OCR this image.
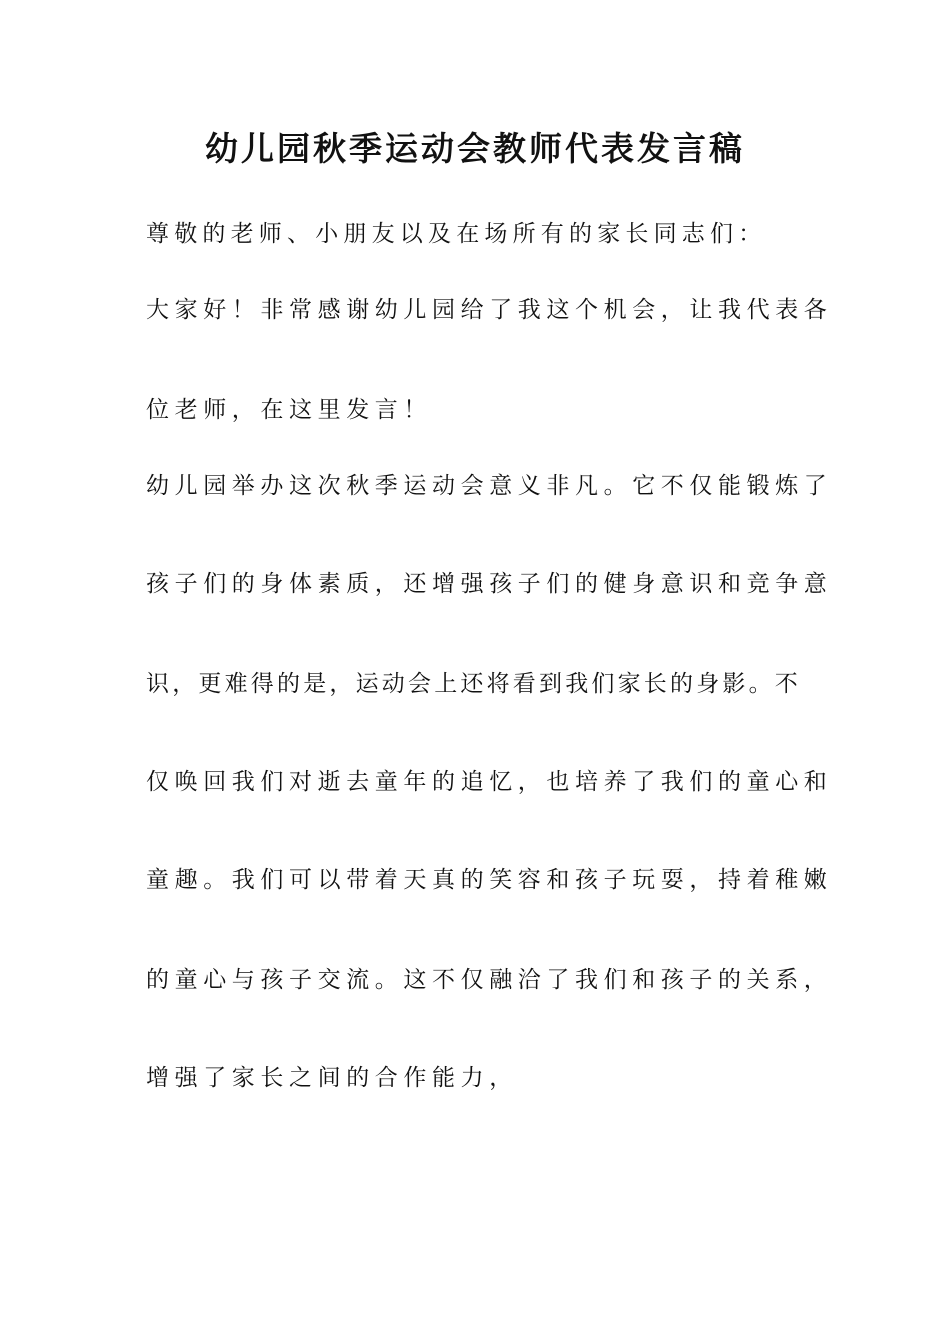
幼儿园秋季运动会教师代表发言稿

尊敬的老师、小朋友以及在场所有的家长同志们：

大家好！非常感谢幼儿园给了我这个机会，让我代表各

位老师，在这里发言！

幼儿园举办这次秋季运动会意义非凡。它不仅能锻炼了

孩子们的身体素质，还增强孩子们的健身意识和竞争意

识，更难得的是，运动会上还将看到我们家长的身影。不

仅唤回我们对逝去童年的追忆，也培养了我们的童心和

童趣。我们可以带着天真的笑容和孩子玩耍，持着稚嫩

的童心与孩子交流。这不仅融洽了我们和孩子的关系，

增强了家长之间的合作能力，
